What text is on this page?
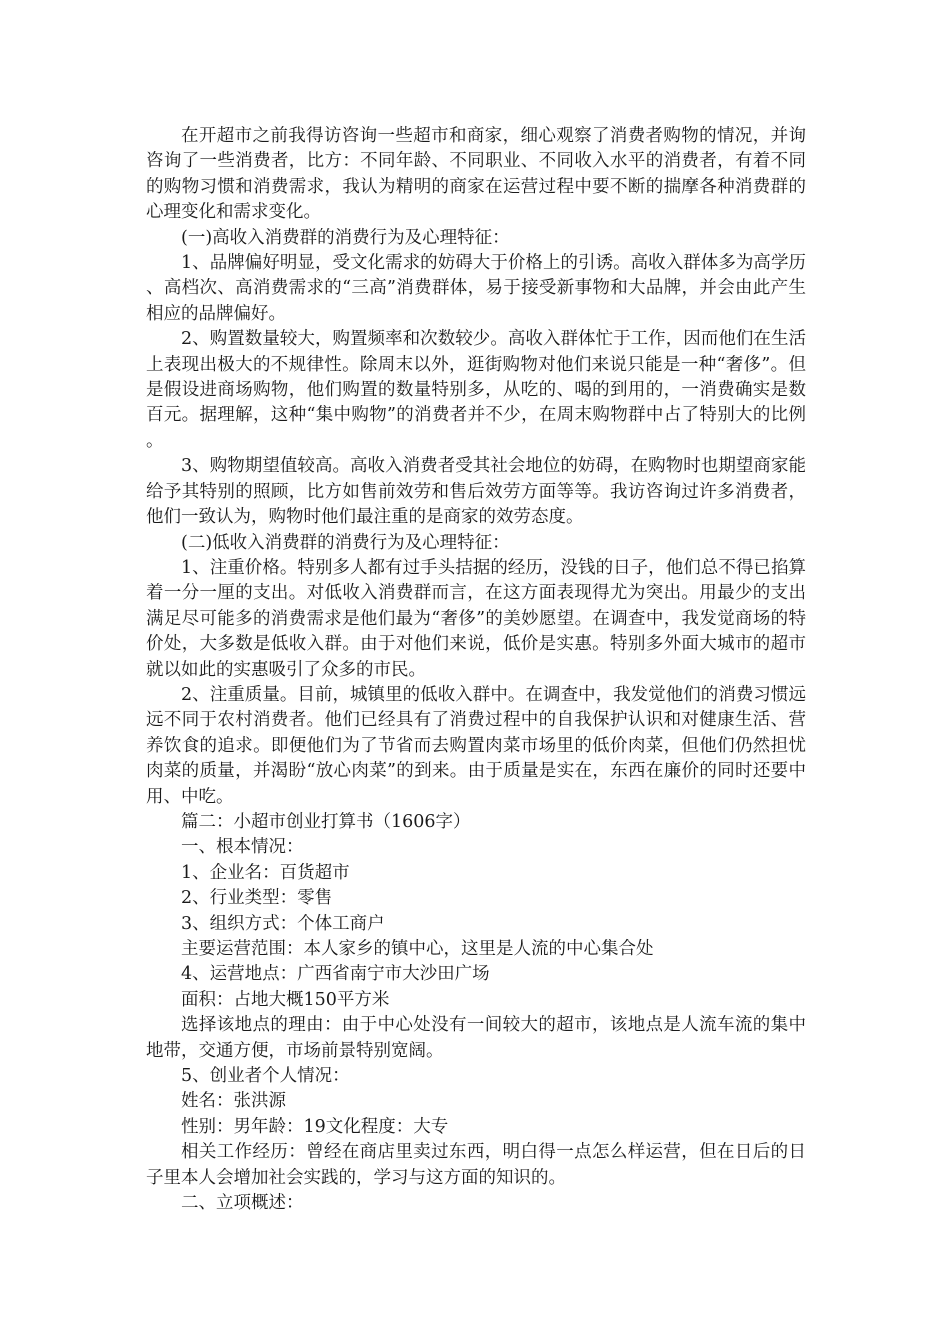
在开超市之前我得访咨询一些超市和商家，细心观察了消费者购物的情况，并询咨询了一些消费者，比方：不同年龄、不同职业、不同收入水平的消费者，有着不同的购物习惯和消费需求，我认为精明的商家在运营过程中要不断的揣摩各种消费群的心理变化和需求变化。

(一)高收入消费群的消费行为及心理特征：

1、品牌偏好明显，受文化需求的妨碍大于价格上的引诱。高收入群体多为高学历、高档次、高消费需求的“三高”消费群体，易于接受新事物和大品牌，并会由此产生相应的品牌偏好。

2、购置数量较大，购置频率和次数较少。高收入群体忙于工作，因而他们在生活上表现出极大的不规律性。除周末以外，逛街购物对他们来说只能是一种“奢侈”。但是假设进商场购物，他们购置的数量特别多，从吃的、喝的到用的，一消费确实是数百元。据理解，这种“集中购物”的消费者并不少，在周末购物群中占了特别大的比例。

3、购物期望值较高。高收入消费者受其社会地位的妨碍，在购物时也期望商家能给予其特别的照顾，比方如售前效劳和售后效劳方面等等。我访咨询过许多消费者，他们一致认为，购物时他们最注重的是商家的效劳态度。

(二)低收入消费群的消费行为及心理特征：

1、注重价格。特别多人都有过手头拮据的经历，没钱的日子，他们总不得已掐算着一分一厘的支出。对低收入消费群而言，在这方面表现得尤为突出。用最少的支出满足尽可能多的消费需求是他们最为“奢侈”的美妙愿望。在调查中，我发觉商场的特价处，大多数是低收入群。由于对他们来说，低价是实惠。特别多外面大城市的超市就以如此的实惠吸引了众多的市民。

2、注重质量。目前，城镇里的低收入群中。在调查中，我发觉他们的消费习惯远远不同于农村消费者。他们已经具有了消费过程中的自我保护认识和对健康生活、营养饮食的追求。即便他们为了节省而去购置肉菜市场里的低价肉菜，但他们仍然担忧肉菜的质量，并渴盼“放心肉菜”的到来。由于质量是实在，东西在廉价的同时还要中用、中吃。

篇二：小超市创业打算书（1606字）

一、根本情况：

1、企业名：百货超市

2、行业类型：零售

3、组织方式：个体工商户

主要运营范围：本人家乡的镇中心，这里是人流的中心集合处

4、运营地点：广西省南宁市大沙田广场

面积：占地大概150平方米

选择该地点的理由：由于中心处没有一间较大的超市，该地点是人流车流的集中地带，交通方便，市场前景特别宽阔。

5、创业者个人情况：

姓名：张洪源

性别：男年龄：19文化程度：大专

相关工作经历：曾经在商店里卖过东西，明白得一点怎么样运营，但在日后的日子里本人会增加社会实践的，学习与这方面的知识的。

二、立项概述：
